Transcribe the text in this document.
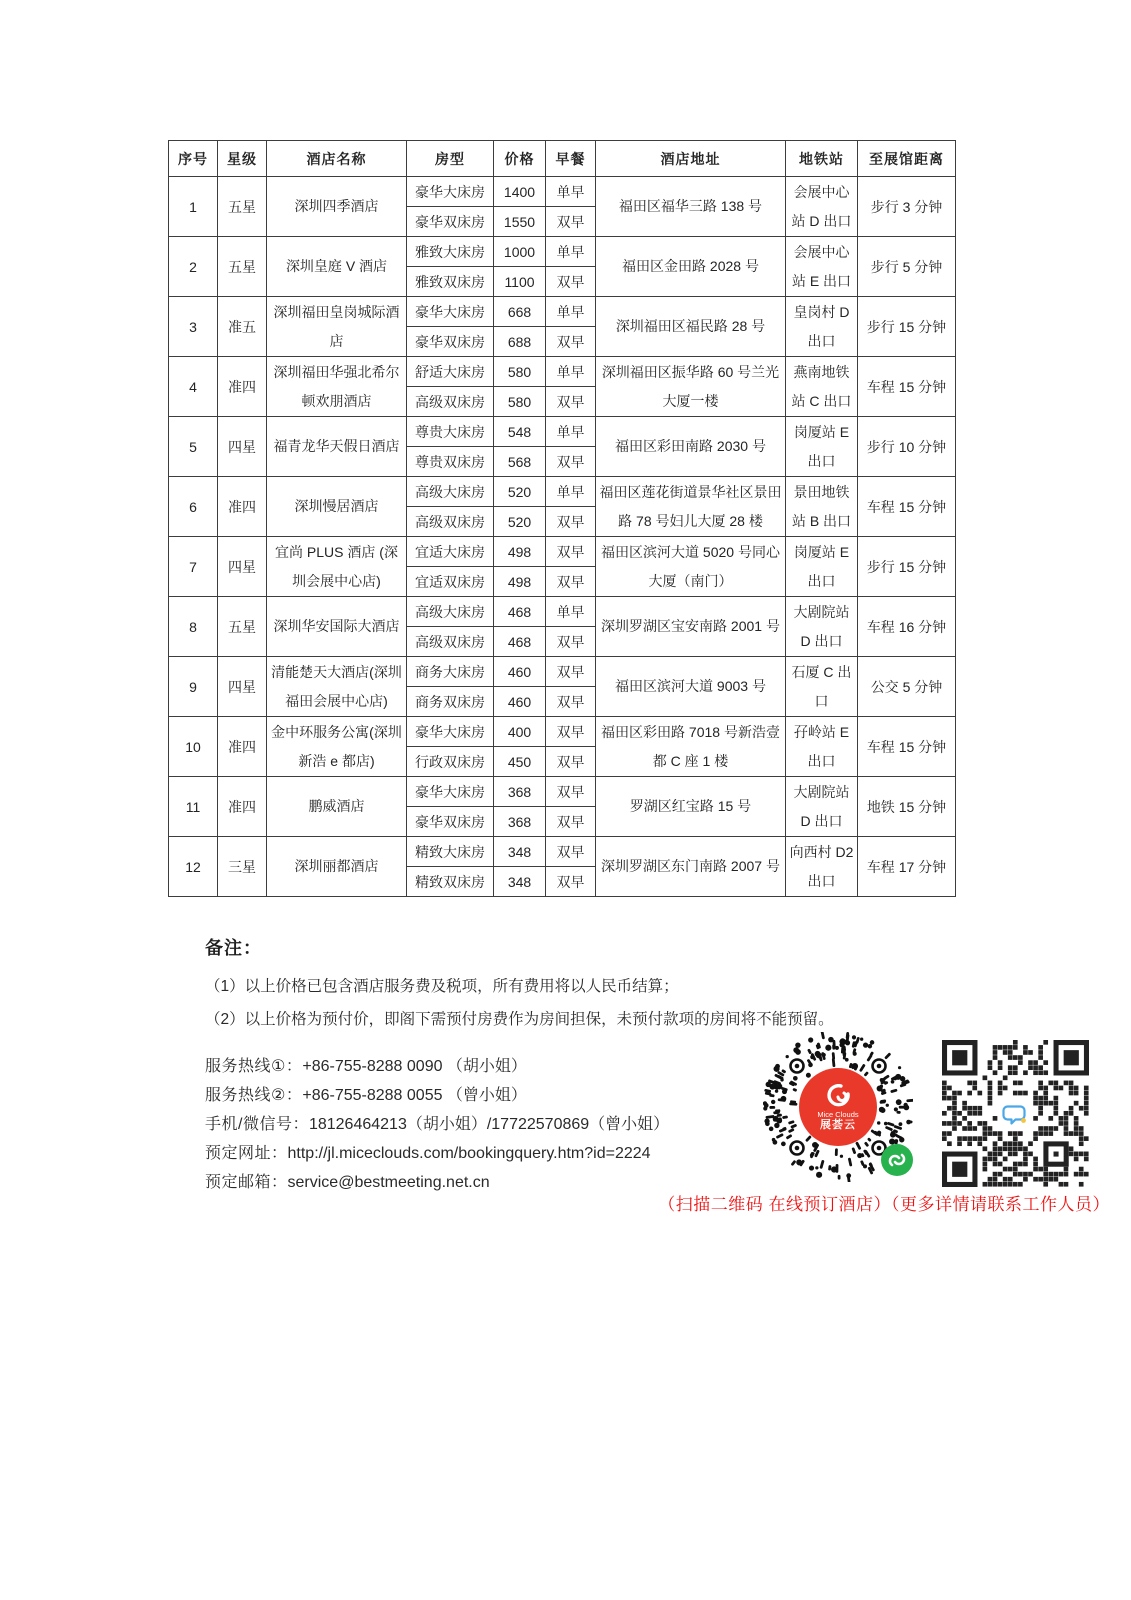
序号	星级	酒店名称	房型	价格	早餐	酒店地址	地铁站	至展馆距离
1	五星	深圳四季酒店	豪华大床房	1400	单早	福田区福华三路 138 号	会展中心站 D 出口	步行 3 分钟
			豪华双床房	1550	双早			
2	五星	深圳皇庭 V 酒店	雅致大床房	1000	单早	福田区金田路 2028 号	会展中心站 E 出口	步行 5 分钟
			雅致双床房	1100	双早			
3	准五	深圳福田皇岗城际酒店	豪华大床房	668	单早	深圳福田区福民路 28 号	皇岗村 D 出口	步行 15 分钟
			豪华双床房	688	双早			
4	准四	深圳福田华强北希尔顿欢朋酒店	舒适大床房	580	单早	深圳福田区振华路 60 号兰光大厦一楼	燕南地铁站 C 出口	车程 15 分钟
			高级双床房	580	双早			
5	四星	福青龙华天假日酒店	尊贵大床房	548	单早	福田区彩田南路 2030 号	岗厦站 E 出口	步行 10 分钟
			尊贵双床房	568	双早			
6	准四	深圳慢居酒店	高级大床房	520	单早	福田区莲花街道景华社区景田路 78 号妇儿大厦 28 楼	景田地铁站 B 出口	车程 15 分钟
			高级双床房	520	双早			
7	四星	宜尚 PLUS 酒店 (深圳会展中心店)	宜适大床房	498	双早	福田区滨河大道 5020 号同心大厦（南门）	岗厦站 E 出口	步行 15 分钟
			宜适双床房	498	双早			
8	五星	深圳华安国际大酒店	高级大床房	468	单早	深圳罗湖区宝安南路 2001 号	大剧院站 D 出口	车程 16 分钟
			高级双床房	468	双早			
9	四星	清能楚天大酒店(深圳福田会展中心店)	商务大床房	460	双早	福田区滨河大道 9003 号	石厦 C 出口	公交 5 分钟
			商务双床房	460	双早			
10	准四	金中环服务公寓(深圳新浩 e 都店)	豪华大床房	400	双早	福田区彩田路 7018 号新浩壹都 C 座 1 楼	孖岭站 E 出口	车程 15 分钟
			行政双床房	450	双早			
11	准四	鹏威酒店	豪华大床房	368	双早	罗湖区红宝路 15 号	大剧院站 D 出口	地铁 15 分钟
			豪华双床房	368	双早			
12	三星	深圳丽都酒店	精致大床房	348	双早	深圳罗湖区东门南路 2007 号	向西村 D2 出口	车程 17 分钟
			精致双床房	348	双早			
备注：
（1）以上价格已包含酒店服务费及税项，所有费用将以人民币结算；
（2）以上价格为预付价，即阁下需预付房费作为房间担保，未预付款项的房间将不能预留。
服务热线①：+86-755-8288 0090 （胡小姐）
服务热线②：+86-755-8288 0055 （曾小姐）
手机/微信号：18126464213（胡小姐）/17722570869（曾小姐）
预定网址：http://jl.miceclouds.com/bookingquery.htm?id=2224
预定邮箱：service@bestmeeting.net.cn
Mice Clouds
展荟云
（扫描二维码 在线预订酒店）（更多详情请联系工作人员）
